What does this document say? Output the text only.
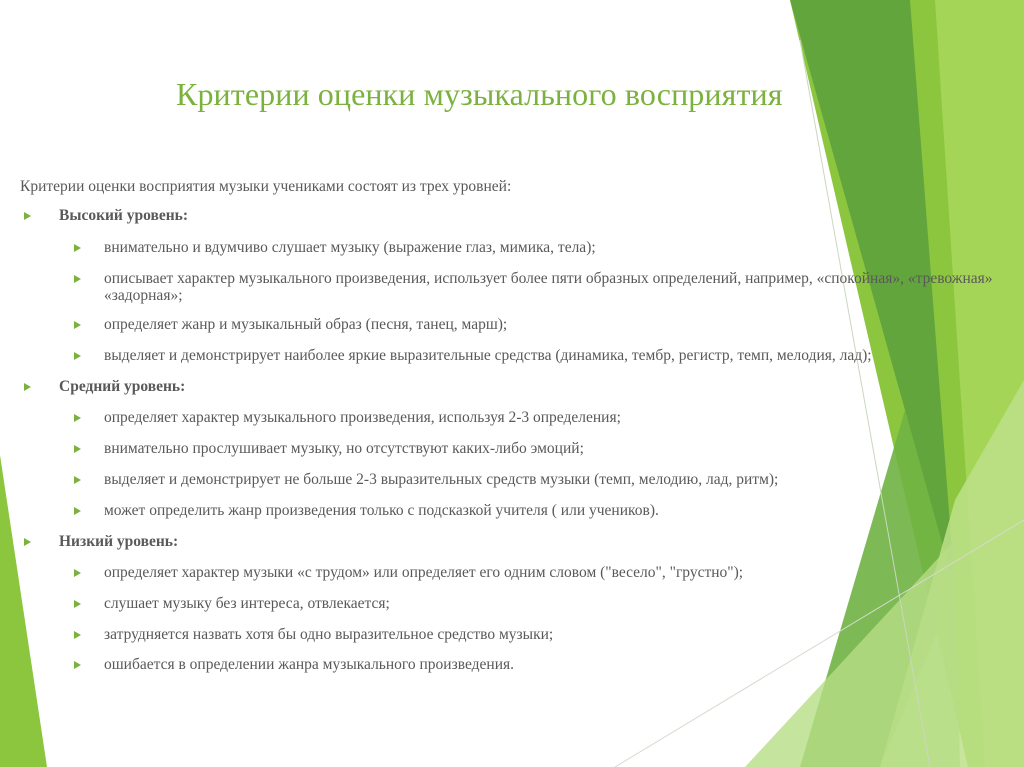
Критерии оценки музыкального восприятия
Критерии оценки восприятия музыки учениками состоят из трех уровней:
Высокий уровень:
внимательно и вдумчиво слушает музыку (выражение глаз, мимика, тела);
описывает характер музыкального произведения, использует более пяти образных определений, например, «спокойная», «тревожная» «задорная»;
определяет жанр и музыкальный образ (песня, танец, марш);
выделяет и демонстрирует наиболее яркие выразительные средства (динамика, тембр, регистр, темп, мелодия, лад);
Средний уровень:
определяет характер музыкального произведения, используя 2-3 определения;
внимательно прослушивает музыку, но отсутствуют каких-либо эмоций;
выделяет и демонстрирует не больше 2-3 выразительных средств музыки (темп, мелодию, лад, ритм);
может определить жанр произведения только с подсказкой учителя ( или учеников).
Низкий уровень:
определяет характер музыки «с трудом» или определяет его одним словом ("весело", "грустно");
слушает музыку без интереса, отвлекается;
затрудняется назвать хотя бы одно выразительное средство музыки;
ошибается в определении жанра музыкального произведения.
